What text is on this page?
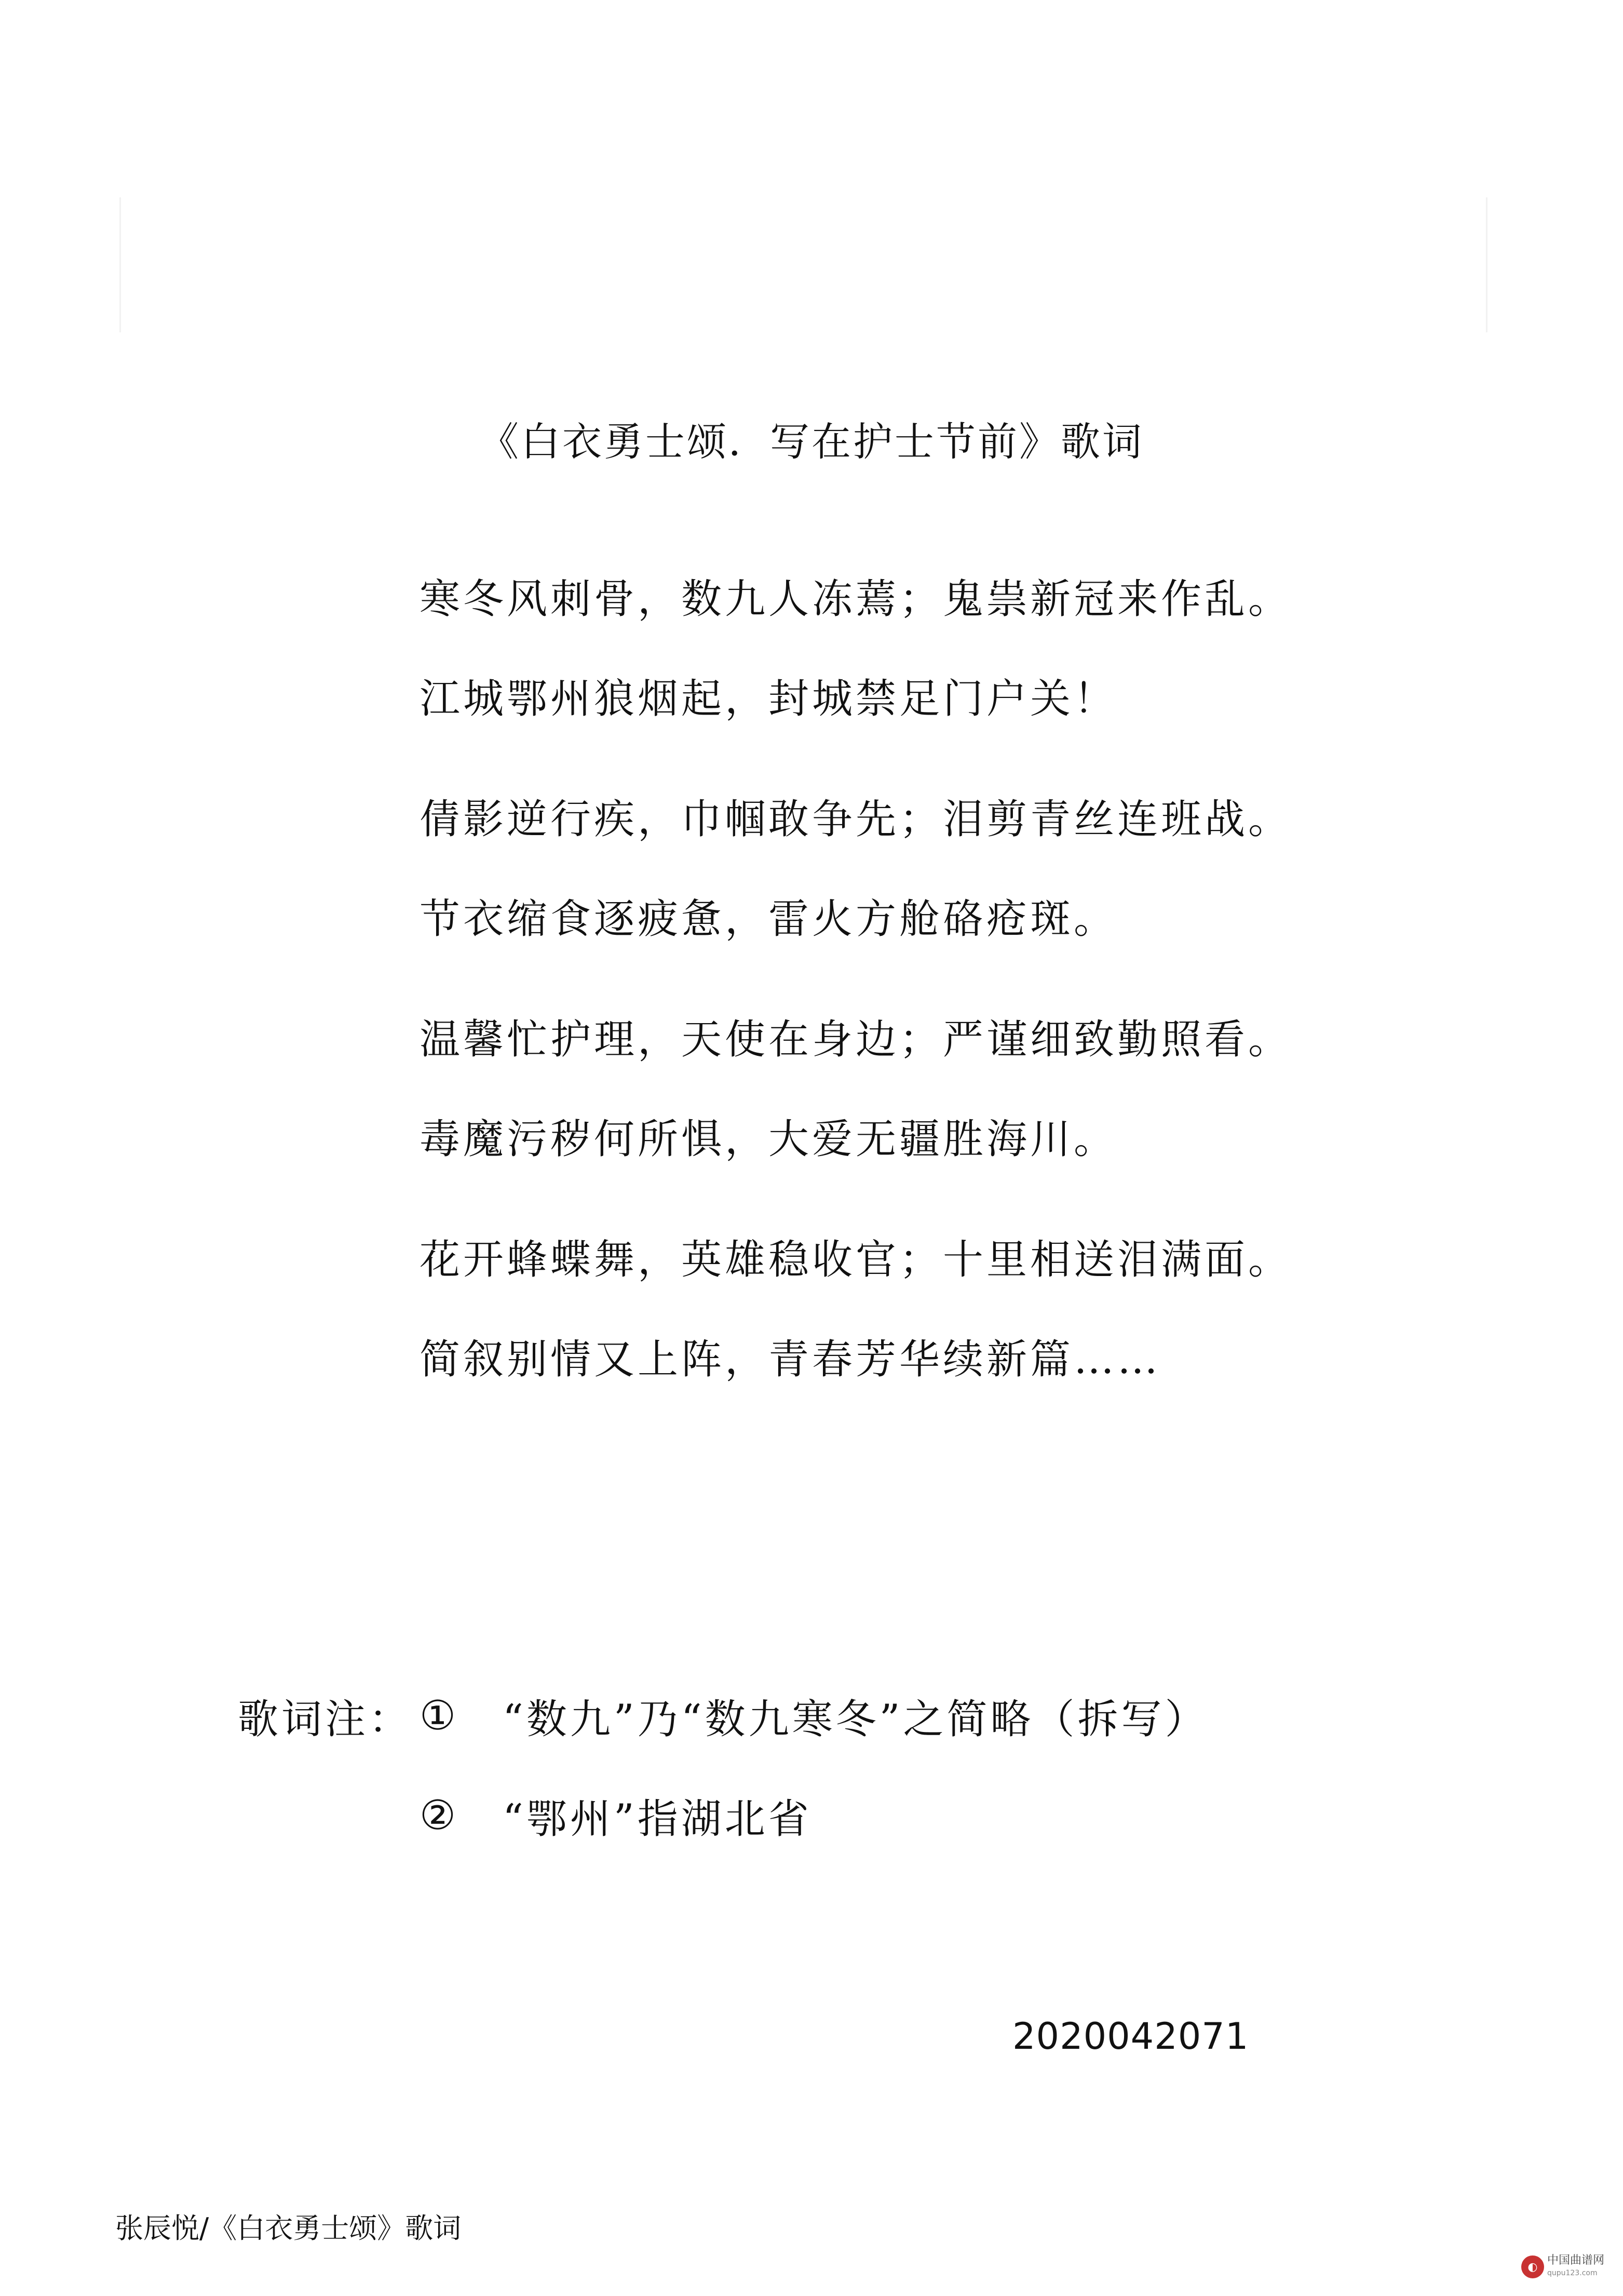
《白衣勇士颂．写在护士节前》歌词
寒冬风刺骨，数九人冻蔫；鬼祟新冠来作乱。
江城鄂州狼烟起，封城禁足门户关！
倩影逆行疾，巾帼敢争先；泪剪青丝连班战。
节衣缩食逐疲惫，雷火方舱硌疮斑。
温馨忙护理，天使在身边；严谨细致勤照看。
毒魔污秽何所惧，大爱无疆胜海川。
花开蜂蝶舞，英雄稳收官；十里相送泪满面。
简叙别情又上阵，青春芳华续新篇……
歌词注： ①	“数九”乃“数九寒冬”之简略（拆写）
②	“鄂州”指湖北省
2020042071
张辰悦/《白衣勇士颂》歌词
◐ 中国曲谱网
qupu123.com
